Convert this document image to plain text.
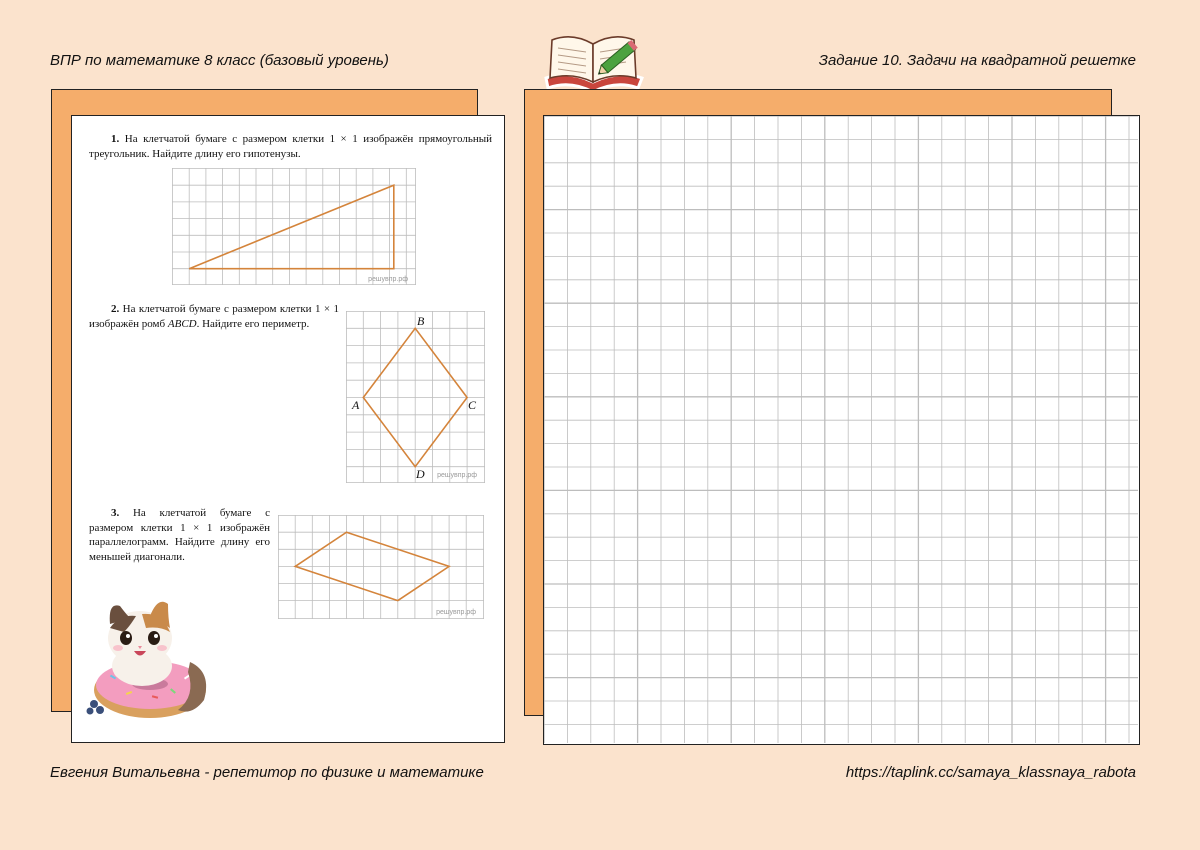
ВПР по математике 8 класс (базовый уровень)	Задание 10. Задачи на квадратной решетке
1. На клетчатой бумаге с размером клетки 1 × 1 изображён прямоугольный треугольник. Найдите длину его гипотенузы.
решувпр.рф
2. На клетчатой бумаге с размером клетки 1 × 1 изображён ромб ABCD. Найдите его периметр.
A
B
C
D решувпр.рф
3. На клетчатой бумаге с размером клетки 1 × 1 изображён параллелограмм. Найдите длину его меньшей диагонали.
решувпр.рф
Евгения Витальевна - репетитор по физике и математике	https://taplink.cc/samaya_klassnaya_rabota
